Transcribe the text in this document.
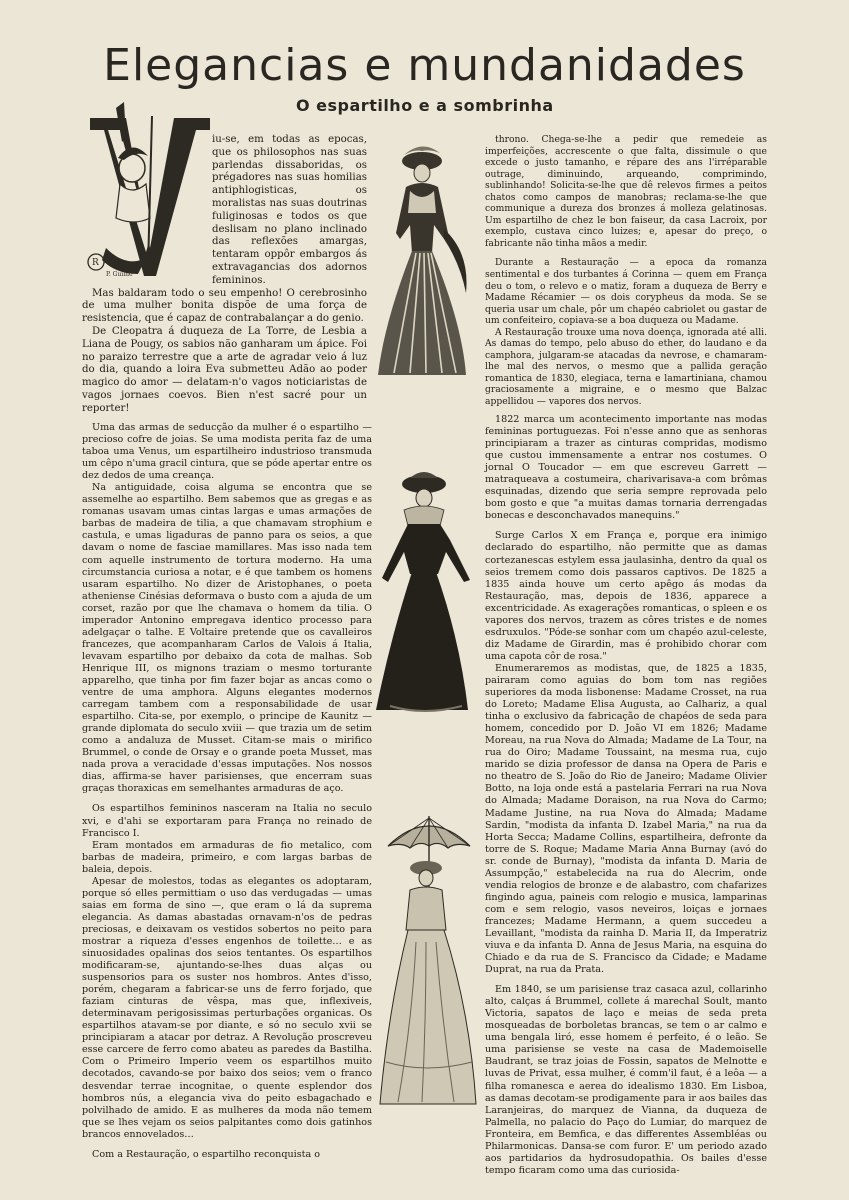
Elegancias e mundanidades
O espartilho e a sombrinha
R
P. Guilhe
V

iu-se, em todas as epocas, que os philosophos nas suas parlendas dissaboridas, os prégadores nas suas homilias antiphlogisticas, os moralistas nas suas doutrinas fuliginosas e todos os que deslisam no plano inclinado das reflexões amargas, tentaram oppôr embargos ás extravagancias dos adornos femininos.

Mas baldaram todo o seu empenho! O cerebrosinho de uma mulher bonita dispõe de uma força de resistencia, que é capaz de contrabalançar a do genio.

De Cleopatra á duqueza de La Torre, de Lesbia a Liana de Pougy, os sabios não ganharam um ápice. Foi no paraizo terrestre que a arte de agradar veio á luz do dia, quando a loira Eva submetteu Adão ao poder magico do amor — delatam-n'o vagos noticiaristas de vagos jornaes coevos. Bien n'est sacré pour un reporter!

throno. Chega-se-lhe a pedir que remedeie as imperfeições, accrescente o que falta, dissimule o que excede o justo tamanho, e répare des ans l'irréparable outrage, diminuindo, arqueando, comprimindo, sublinhando! Solicita-se-lhe que dê relevos firmes a peitos chatos como campos de manobras; reclama-se-lhe que communique a dureza dos bronzes á molleza gelatinosas. Um espartilho de chez le bon faiseur, da casa Lacroix, por exemplo, custava cinco luizes; e, apesar do preço, o fabricante não tinha mãos a medir.

Durante a Restauração — a epoca da romanza sentimental e dos turbantes á Corinna — quem em França deu o tom, o relevo e o matiz, foram a duqueza de Berry e Madame Récamier — os dois corypheus da moda. Se se queria usar um chale, pôr um chapéo cabriolet ou gastar de um confeiteiro, copiava-se a boa duqueza ou Madame.

A Restauração trouxe uma nova doença, ignorada até alli. As damas do tempo, pelo abuso do ether, do laudano e da camphora, julgaram-se atacadas da nevrose, e chamaram-lhe mal des nervos, o mesmo que a pallida geração romantica de 1830, elegiaca, terna e lamartiniana, chamou graciosamente a migraine, e o mesmo que Balzac appellidou — vapores dos nervos.

Uma das armas de seducção da mulher é o espartilho — precioso cofre de joias. Se uma modista perita faz de uma taboa uma Venus, um espartilheiro industrioso transmuda um cêpo n'uma gracil cintura, que se póde apertar entre os dez dedos de uma creança.

Na antiguidade, coisa alguma se encontra que se assemelhe ao espartilho. Bem sabemos que as gregas e as romanas usavam umas cintas largas e umas armações de barbas de madeira de tilia, a que chamavam strophium e castula, e umas ligaduras de panno para os seios, a que davam o nome de fasciae mamillares. Mas isso nada tem com aquelle instrumento de tortura moderno. Ha uma circumstancia curiosa a notar, e é que tambem os homens usaram espartilho. No dizer de Aristophanes, o poeta atheniense Cinésias deformava o busto com a ajuda de um corset, razão por que lhe chamava o homem da tilia. O imperador Antonino empregava identico processo para adelgaçar o talhe. E Voltaire pretende que os cavalleiros francezes, que acompanharam Carlos de Valois á Italia, levavam espartilho por debaixo da cota de malhas. Sob Henrique III, os mignons traziam o mesmo torturante apparelho, que tinha por fim fazer bojar as ancas como o ventre de uma amphora. Alguns elegantes modernos carregam tambem com a responsabilidade de usar espartilho. Cita-se, por exemplo, o principe de Kaunitz — grande diplomata do seculo xviii — que trazia um de setim como a andaluza de Musset. Citam-se mais o mirifico Brummel, o conde de Orsay e o grande poeta Musset, mas nada prova a veracidade d'essas imputações. Nos nossos dias, affirma-se haver parisienses, que encerram suas graças thoraxicas em semelhantes armaduras de aço.

Os espartilhos femininos nasceram na Italia no seculo xvi, e d'ahi se exportaram para França no reinado de Francisco I.

Eram montados em armaduras de fio metalico, com barbas de madeira, primeiro, e com largas barbas de baleia, depois.

Apesar de molestos, todas as elegantes os adoptaram, porque só elles permittiam o uso das verdugadas — umas saias em forma de sino —, que eram o lá da suprema elegancia. As damas abastadas ornavam-n'os de pedras preciosas, e deixavam os vestidos sobertos no peito para mostrar a riqueza d'esses engenhos de toilette… e as sinuosidades opalinas dos seios tentantes. Os espartilhos modificaram-se, ajuntando-se-lhes duas alças ou suspensorios para os suster nos hombros. Antes d'isso, porém, chegaram a fabricar-se uns de ferro forjado, que faziam cinturas de vêspa, mas que, inflexiveis, determinavam perigosissimas perturbações organicas. Os espartilhos atavam-se por diante, e só no seculo xvii se principiaram a atacar por detraz. A Revolução proscreveu esse carcere de ferro como abateu as paredes da Bastilha. Com o Primeiro Imperio veem os espartilhos muito decotados, cavando-se por baixo dos seios; vem o franco desvendar terrae incognitae, o quente esplendor dos hombros nús, a elegancia viva do peito esbagachado e polvilhado de amido. E as mulheres da moda não temem que se lhes vejam os seios palpitantes como dois gatinhos brancos ennovelados…

Com a Restauração, o espartilho reconquista o

1822 marca um acontecimento importante nas modas femininas portuguezas. Foi n'esse anno que as senhoras principiaram a trazer as cinturas compridas, modismo que custou immensamente a entrar nos costumes. O jornal O Toucador — em que escreveu Garrett — matraqueava a costumeira, charivarisava-a com brômas esquinadas, dizendo que seria sempre reprovada pelo bom gosto e que "a muitas damas tornaria derrengadas bonecas e desconchavados manequins."

Surge Carlos X em França e, porque era inimigo declarado do espartilho, não permitte que as damas cortezanescas estylem essa jaulasinha, dentro da qual os seios tremem como dois passaros captivos. De 1825 a 1835 ainda houve um certo apêgo ás modas da Restauração, mas, depois de 1836, apparece a excentricidade. As exagerações romanticas, o spleen e os vapores dos nervos, trazem as côres tristes e de nomes esdruxulos. "Póde-se sonhar com um chapéo azul-celeste, diz Madame de Girardin, mas é prohibido chorar com uma capota côr de rosa."

Enumeraremos as modistas, que, de 1825 a 1835, pairaram como aguias do bom tom nas regiões superiores da moda lisbonense: Madame Crosset, na rua do Loreto; Madame Elisa Augusta, ao Calhariz, a qual tinha o exclusivo da fabricação de chapéos de seda para homem, concedido por D. João VI em 1826; Madame Moreau, na rua Nova do Almada; Madame de La Tour, na rua do Oiro; Madame Toussaint, na mesma rua, cujo marido se dizia professor de dansa na Opera de Paris e no theatro de S. João do Rio de Janeiro; Madame Olivier Botto, na loja onde está a pastelaria Ferrari na rua Nova do Almada; Madame Doraison, na rua Nova do Carmo; Madame Justine, na rua Nova do Almada; Madame Sardin, "modista da infanta D. Izabel Maria," na rua da Horta Secca; Madame Collins, espartilheira, defronte da torre de S. Roque; Madame Maria Anna Burnay (avó do sr. conde de Burnay), "modista da infanta D. Maria de Assumpção," estabelecida na rua do Alecrim, onde vendia relogios de bronze e de alabastro, com chafarizes fingindo agua, paineis com relogio e musica, lamparinas com e sem relogio, vasos neveiros, loiças e jornaes francezes; Madame Hermann, a quem succedeu a Levaillant, "modista da rainha D. Maria II, da Imperatriz viuva e da infanta D. Anna de Jesus Maria, na esquina do Chiado e da rua de S. Francisco da Cidade; e Madame Duprat, na rua da Prata.

Em 1840, se um parisiense traz casaca azul, collarinho alto, calças á Brummel, collete á marechal Soult, manto Victoria, sapatos de laço e meias de seda preta mosqueadas de borboletas brancas, se tem o ar calmo e uma bengala liró, esse homem é perfeito, é o leão. Se uma parisiense se veste na casa de Mademoiselle Baudrant, se traz joias de Fossin, sapatos de Melnotte e luvas de Privat, essa mulher, é comm'il faut, é a leôa — a filha romanesca e aerea do idealismo 1830. Em Lisboa, as damas decotam-se prodigamente para ir aos bailes das Laranjeiras, do marquez de Vianna, da duqueza de Palmella, no palacio do Paço do Lumiar, do marquez de Fronteira, em Bemfica, e das differentes Assembléas ou Philarmonicas. Dansa-se com furor. E' um periodo azado aos partidarios da hydrosudopathia. Os bailes d'esse tempo ficaram como uma das curiosida-
